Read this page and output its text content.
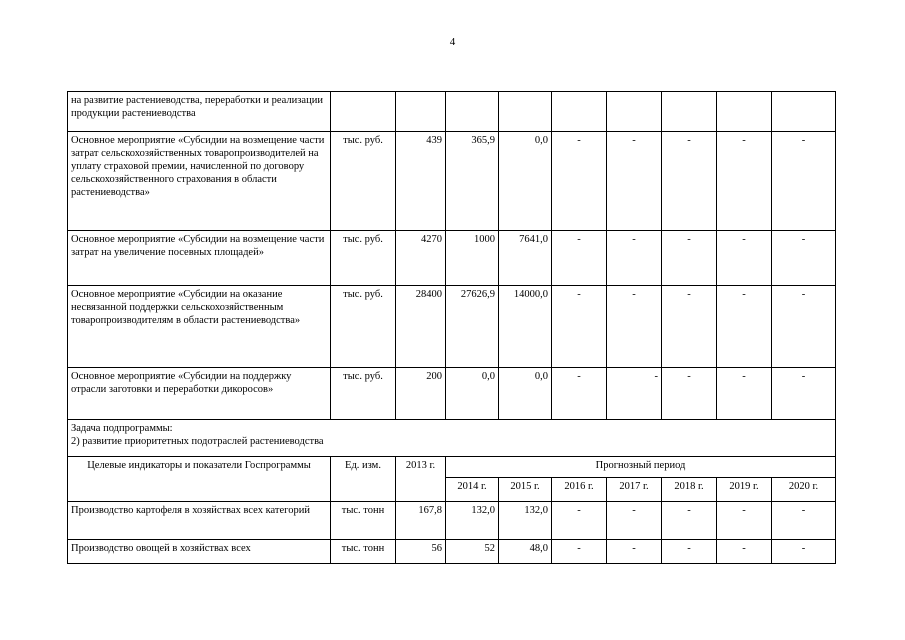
4
на развитие растениеводства, переработки и реализации продукции растениеводства									
Основное мероприятие «Субсидии на возмещение части затрат сельскохозяйственных товаропроизводителей на уплату страховой премии, начисленной по договору сельскохозяйственного страхования в области растениеводства»	тыс. руб.	439	365,9	0,0	-	-	-	-	-
Основное мероприятие «Субсидии на возмещение части затрат на увеличение посевных площадей»	тыс. руб.	4270	1000	7641,0	-	-	-	-	-
Основное мероприятие «Субсидии на оказание несвязанной поддержки сельскохозяйственным товаропроизводителям в области растениеводства»	тыс. руб.	28400	27626,9	14000,0	-	-	-	-	-
Основное мероприятие «Субсидии на поддержку отрасли заготовки и переработки дикоросов»	тыс. руб.	200	0,0	0,0	-	-	-	-	-

Задача подпрограммы:
2) развитие приоритетных подотраслей растениеводства									

Целевые индикаторы и показатели Госпрограммы	Ед. изм.	2013 г.	Прогнозный период						
			2014 г.	2015 г.	2016 г.	2017 г.	2018 г.	2019 г.	2020 г.
Производство картофеля в хозяйствах всех категорий	тыс. тонн	167,8	132,0	132,0	-	-	-	-	-
Производство овощей в хозяйствах всех	тыс. тонн	56	52	48,0	-	-	-	-	-
